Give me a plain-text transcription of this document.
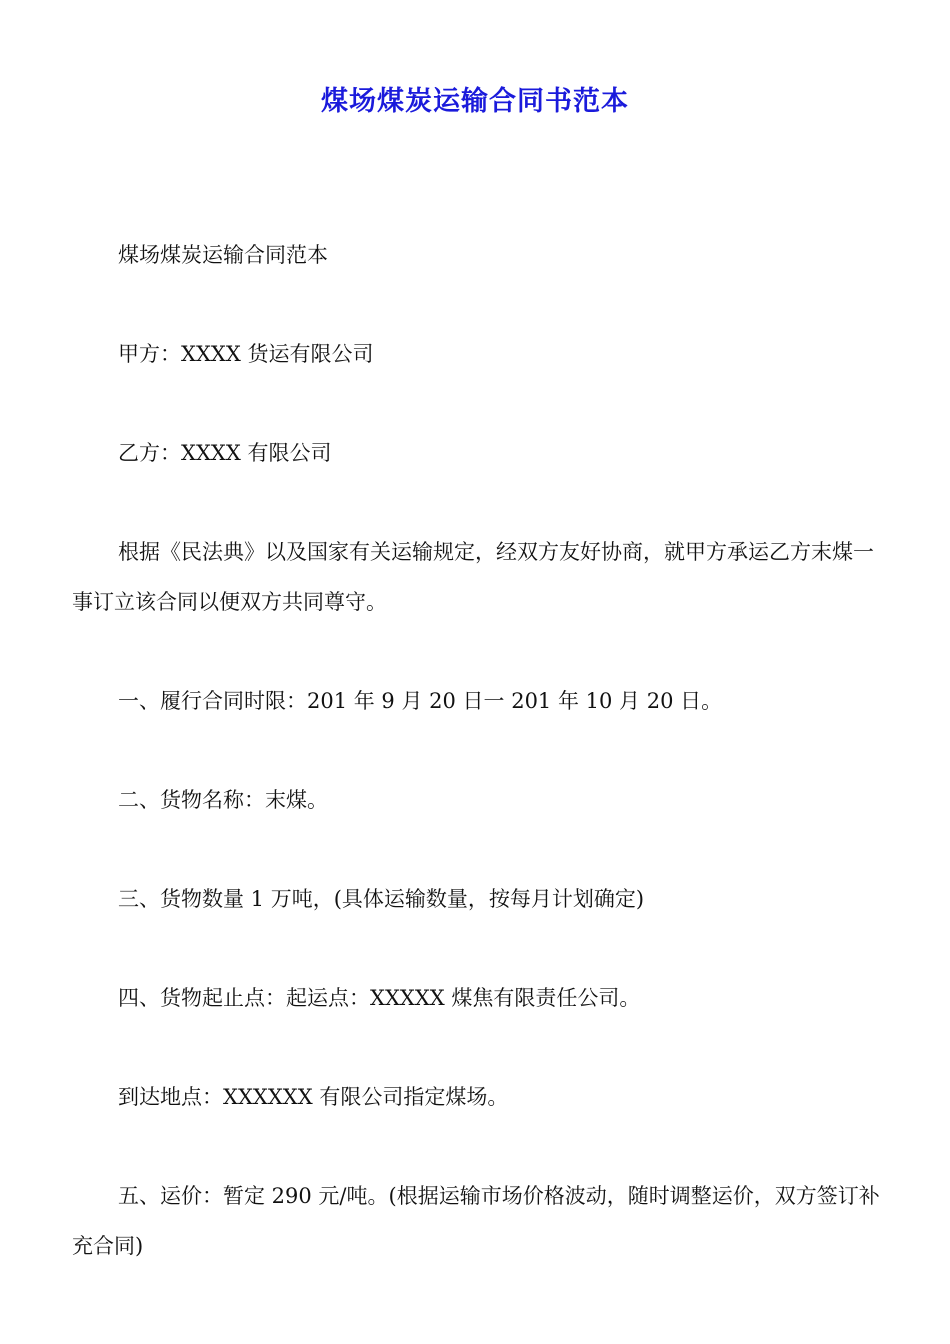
煤场煤炭运输合同书范本

煤场煤炭运输合同范本

甲方：XXXX 货运有限公司

乙方：XXXX 有限公司

根据《民法典》以及国家有关运输规定，经双方友好协商，就甲方承运乙方末煤一事订立该合同以便双方共同尊守。

一、履行合同时限：201 年 9 月 20 日一 201 年 10 月 20 日。

二、货物名称：末煤。

三、货物数量 1 万吨，(具体运输数量，按每月计划确定)

四、货物起止点：起运点：XXXXX 煤焦有限责任公司。

到达地点：XXXXXX 有限公司指定煤场。

五、运价：暂定 290 元/吨。(根据运输市场价格波动，随时调整运价，双方签订补充合同)
